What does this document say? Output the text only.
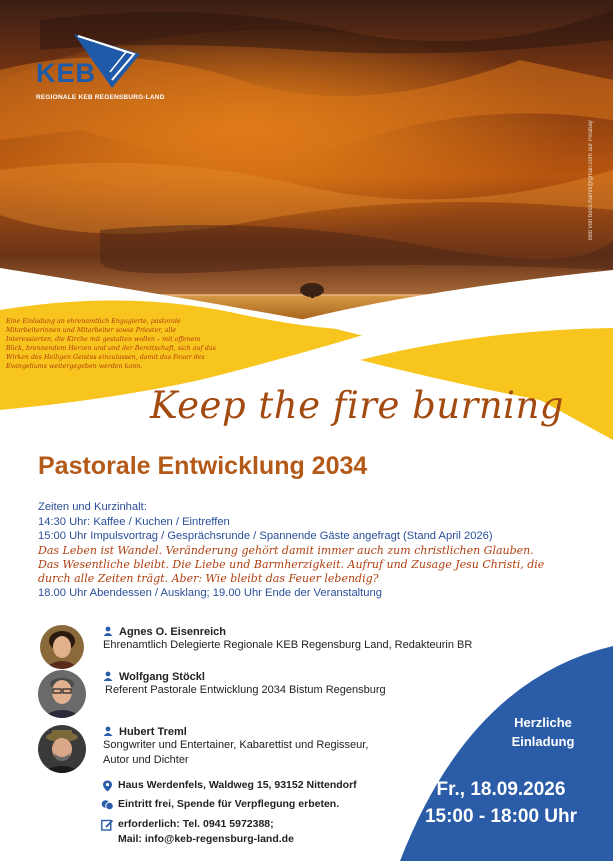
KEB
REGIONALE KEB REGENSBURG-LAND
Bild von bess.hamiti@gmail.com auf Pixabay
Eine Einladung an ehrenamtlich Engagierte, pastorale Mitarbeiterinnen und Mitarbeiter sowie Priester, alle Interessierten, die Kirche mit gestalten wollen – mit offenem Blick, brennendem Herzen und und der Bereitschaft, sich auf das Wirken des Heiligen Geistes einzulassen, damit das Feuer des Evangeliums weitergegeben werden kann.
Keep the fire burning
Pastorale Entwicklung 2034
Zeiten und Kurzinhalt:
14:30 Uhr: Kaffee / Kuchen / Eintreffen
15:00 Uhr Impulsvortrag / Gesprächsrunde / Spannende Gäste angefragt (Stand April 2026)
Das Leben ist Wandel. Veränderung gehört damit immer auch zum christlichen Glauben. Das Wesentliche bleibt. Die Liebe und Barmherzigkeit. Aufruf und Zusage Jesu Christi, die durch alle Zeiten trägt. Aber: Wie bleibt das Feuer lebendig?
18.00 Uhr Abendessen / Ausklang; 19.00 Uhr Ende der Veranstaltung
Agnes O. Eisenreich
Ehrenamtlich Delegierte Regionale KEB Regensburg Land, Redakteurin BR
Wolfgang Stöckl
Referent Pastorale Entwicklung 2034 Bistum Regensburg
Hubert Treml
Songwriter und Entertainer, Kabarettist und Regisseur,
Autor und Dichter
Haus Werdenfels, Waldweg 15, 93152 Nittendorf
Eintritt frei, Spende für Verpflegung erbeten.
erforderlich: Tel. 0941 5972388;
Mail: info@keb-regensburg-land.de
Herzliche
Einladung
Fr., 18.09.2026
15:00 - 18:00 Uhr
